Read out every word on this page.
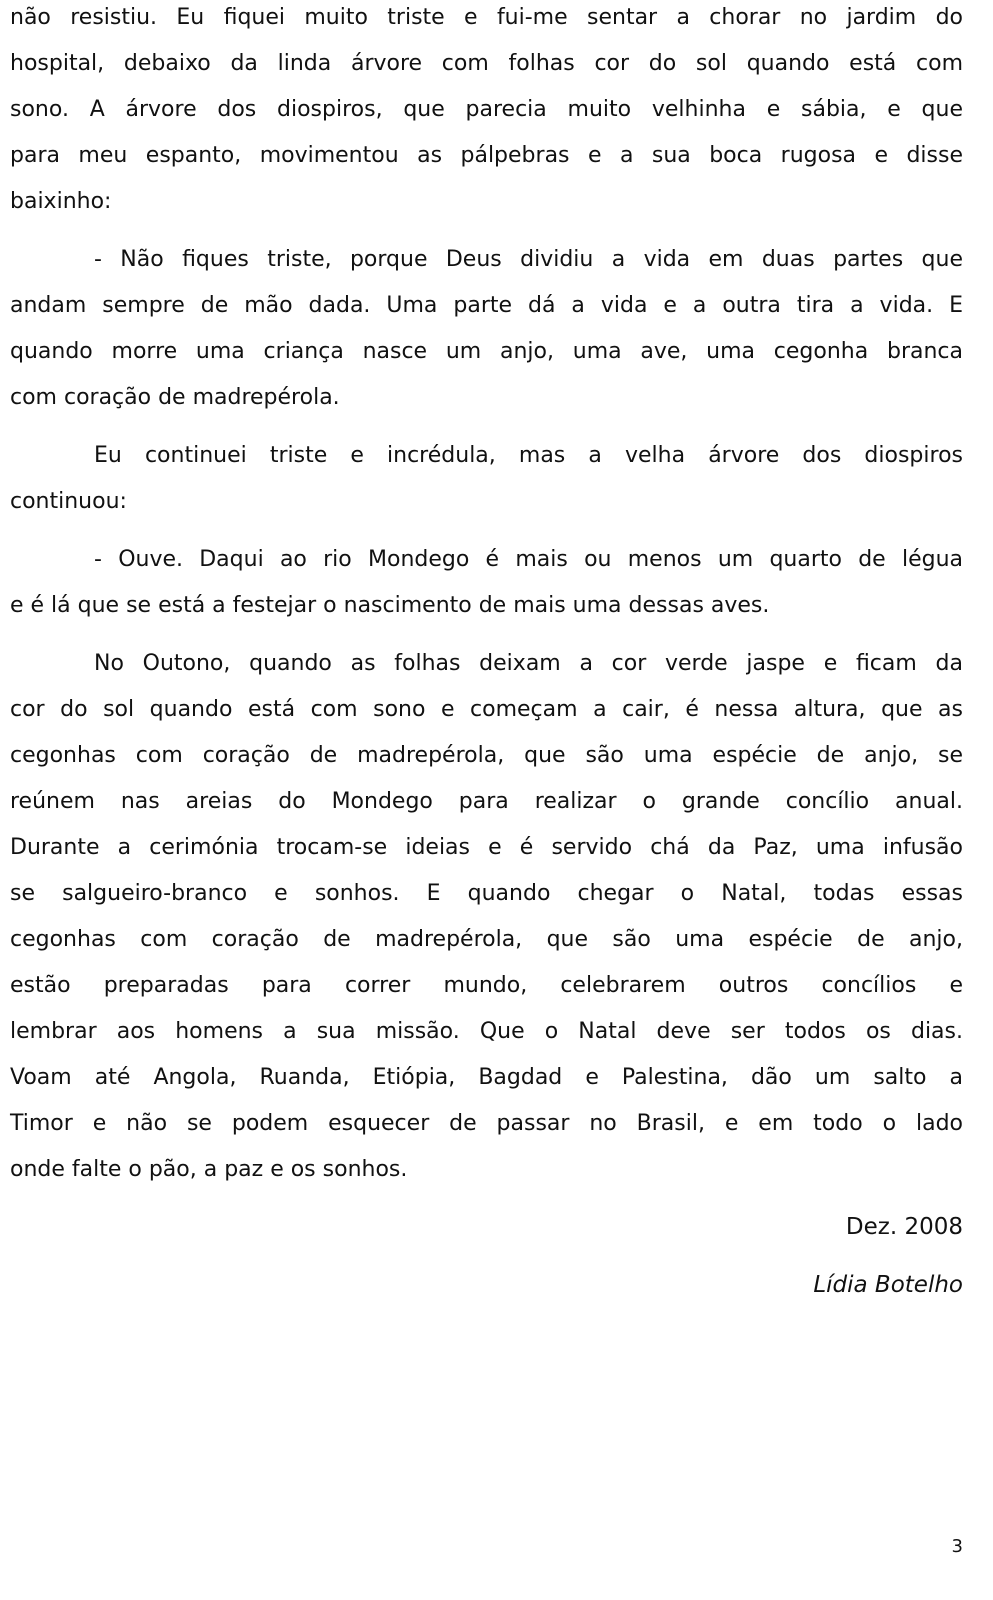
não resistiu. Eu fiquei muito triste e fui-me sentar a chorar no jardim do
hospital, debaixo da linda árvore com folhas cor do sol quando está com
sono. A árvore dos diospiros, que parecia muito velhinha e sábia, e que
para meu espanto, movimentou as pálpebras e a sua boca rugosa e disse
baixinho:
- Não fiques triste, porque Deus dividiu a vida em duas partes que
andam sempre de mão dada. Uma parte dá a vida e a outra tira a vida. E
quando morre uma criança nasce um anjo, uma ave, uma cegonha branca
com coração de madrepérola.
Eu continuei triste e incrédula, mas a velha árvore dos diospiros
continuou:
- Ouve. Daqui ao rio Mondego é mais ou menos um quarto de légua
e é lá que se está a festejar o nascimento de mais uma dessas aves.
No Outono, quando as folhas deixam a cor verde jaspe e ficam da
cor do sol quando está com sono e começam a cair, é nessa altura, que as
cegonhas com coração de madrepérola, que são uma espécie de anjo, se
reúnem nas areias do Mondego para realizar o grande concílio anual.
Durante a cerimónia trocam-se ideias e é servido chá da Paz, uma infusão
se salgueiro-branco e sonhos. E quando chegar o Natal, todas essas
cegonhas com coração de madrepérola, que são uma espécie de anjo,
estão preparadas para correr mundo, celebrarem outros concílios e
lembrar aos homens a sua missão. Que o Natal deve ser todos os dias.
Voam até Angola, Ruanda, Etiópia, Bagdad e Palestina, dão um salto a
Timor e não se podem esquecer de passar no Brasil, e em todo o lado
onde falte o pão, a paz e os sonhos.
Dez. 2008
Lídia Botelho
3
